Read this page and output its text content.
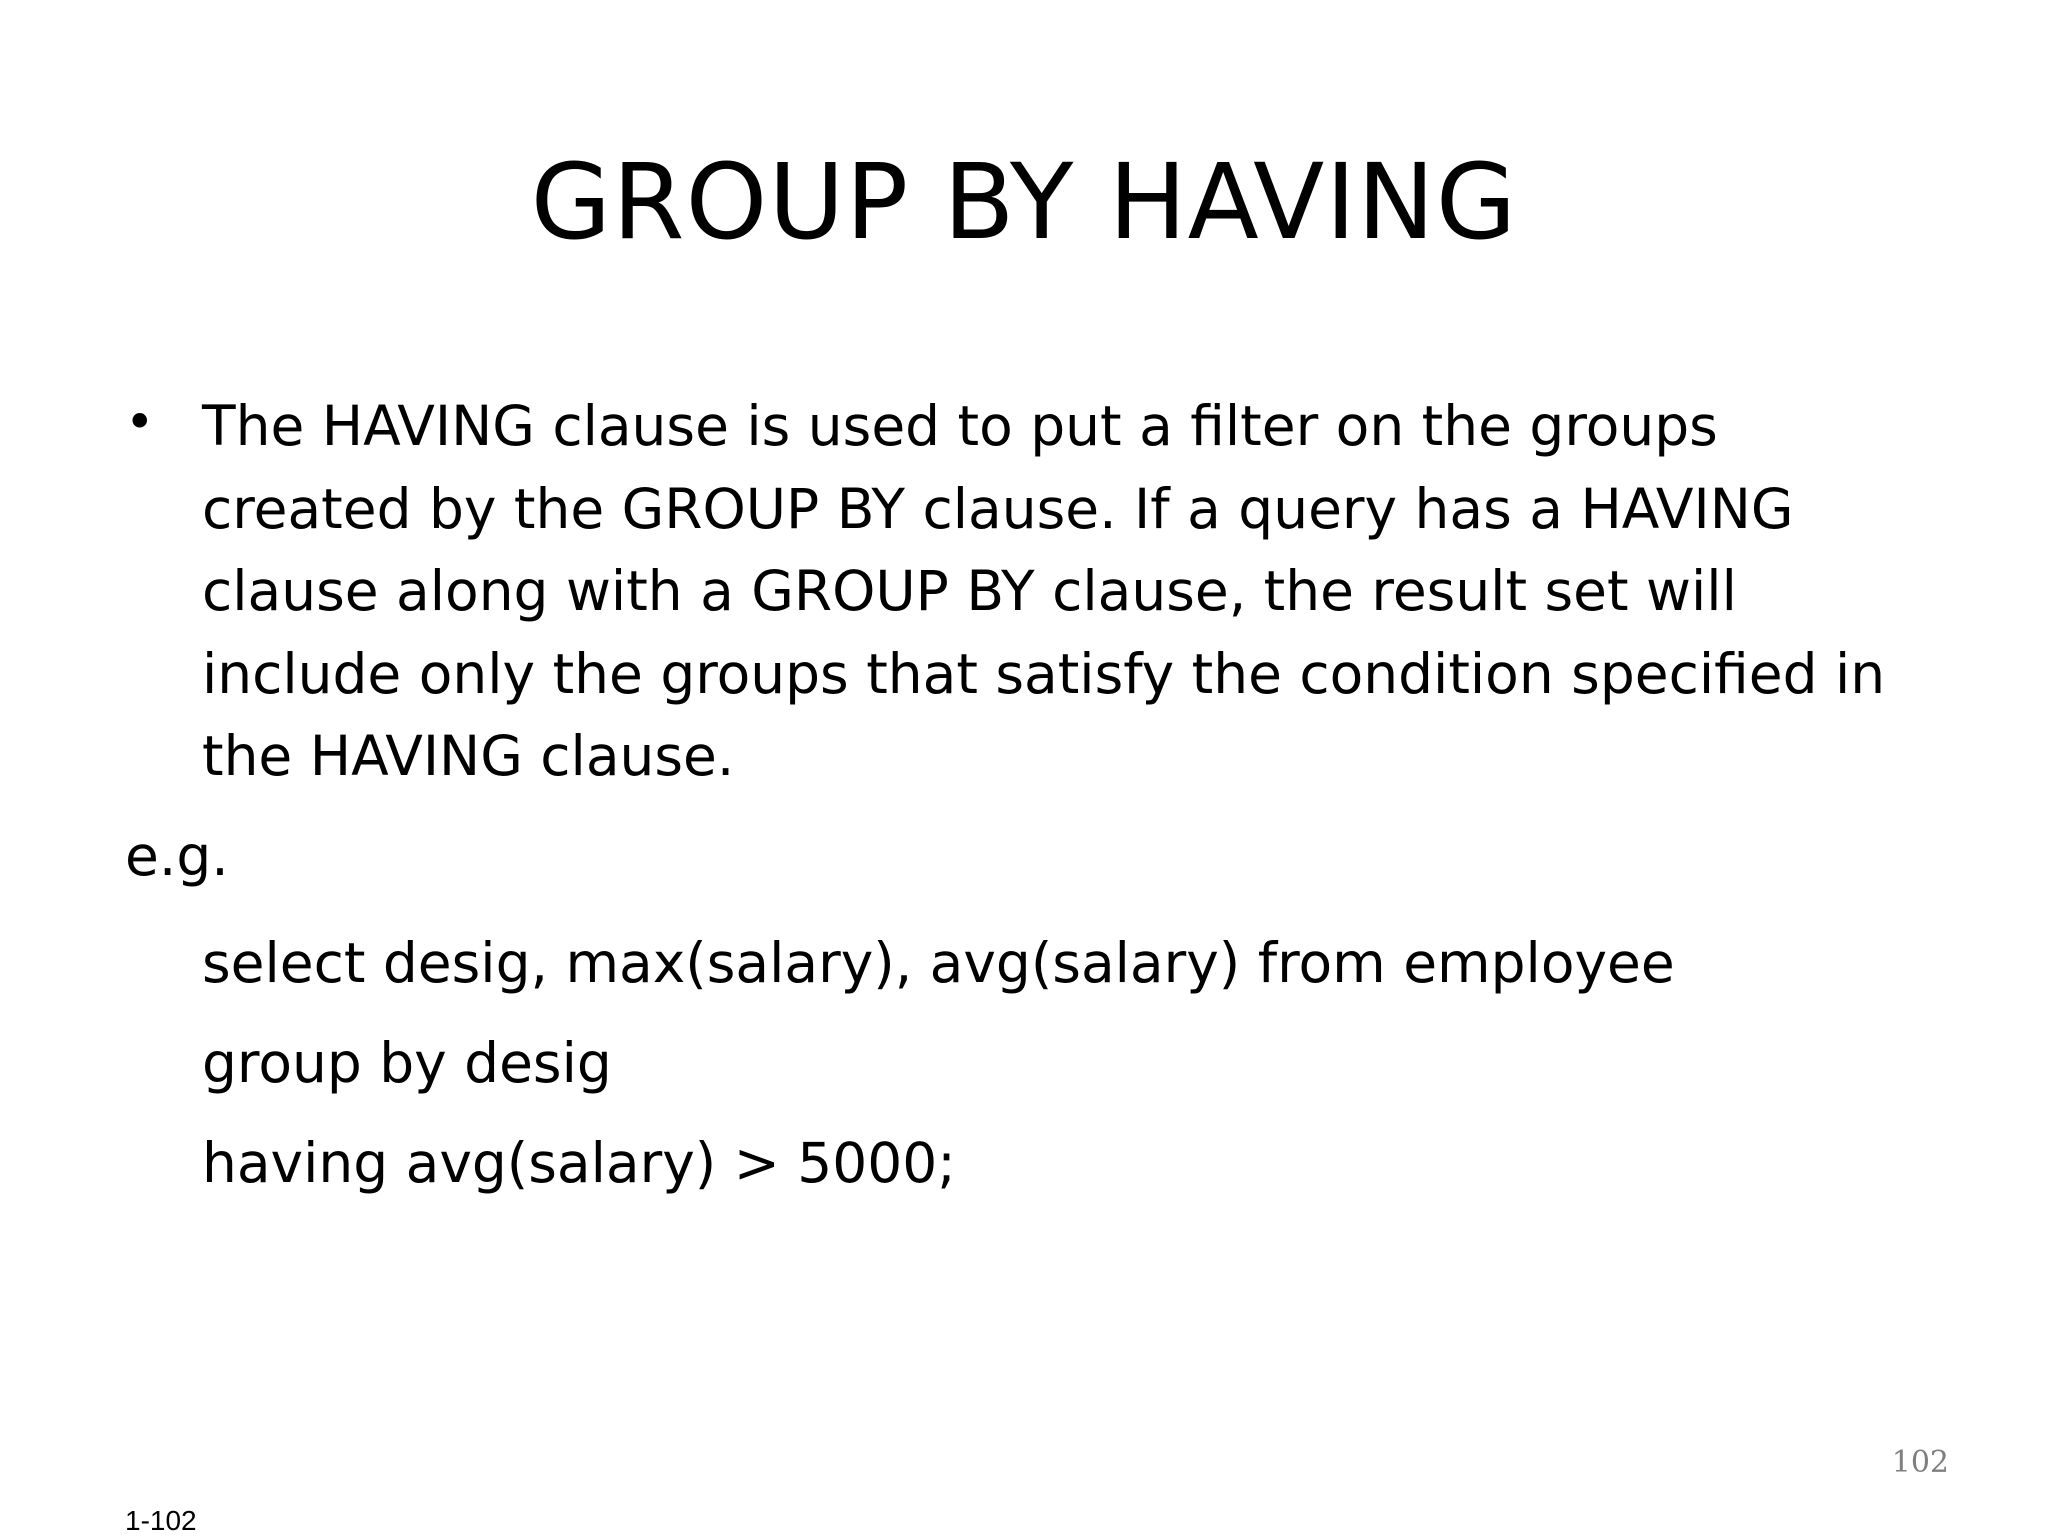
GROUP BY HAVING
• The HAVING clause is used to put a filter on the groups created by the GROUP BY clause. If a query has a HAVING clause along with a GROUP BY clause, the result set will include only the groups that satisfy the condition specified in the HAVING clause.
e.g.
select desig, max(salary), avg(salary) from employee
group by desig
having avg(salary) > 5000;
102
1-102
